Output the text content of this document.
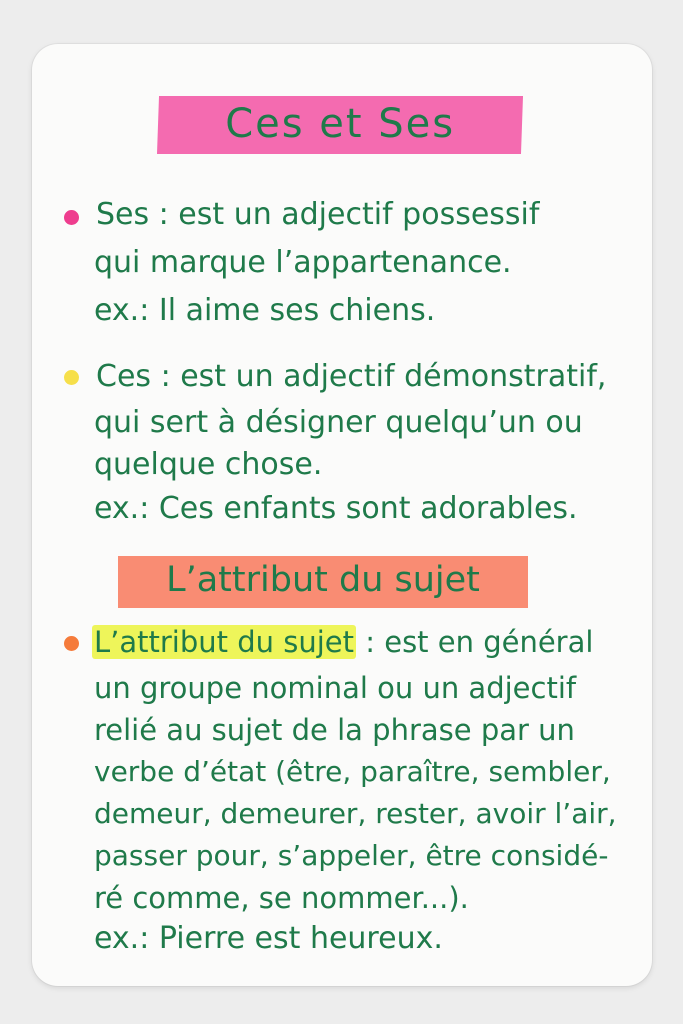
Ces et Ses
Ses : est un adjectif possessif
qui marque l’appartenance.
ex.: Il aime ses chiens.
Ces : est un adjectif démonstratif,
qui sert à désigner quelqu’un ou
quelque chose.
ex.: Ces enfants sont adorables.
L’attribut du sujet
L’attribut du sujet : est en général
un groupe nominal ou un adjectif
relié au sujet de la phrase par un
verbe d’état (être, paraître, sembler,
demeur, demeurer, rester, avoir l’air,
passer pour, s’appeler, être considé-
ré comme, se nommer...).
ex.: Pierre est heureux.
